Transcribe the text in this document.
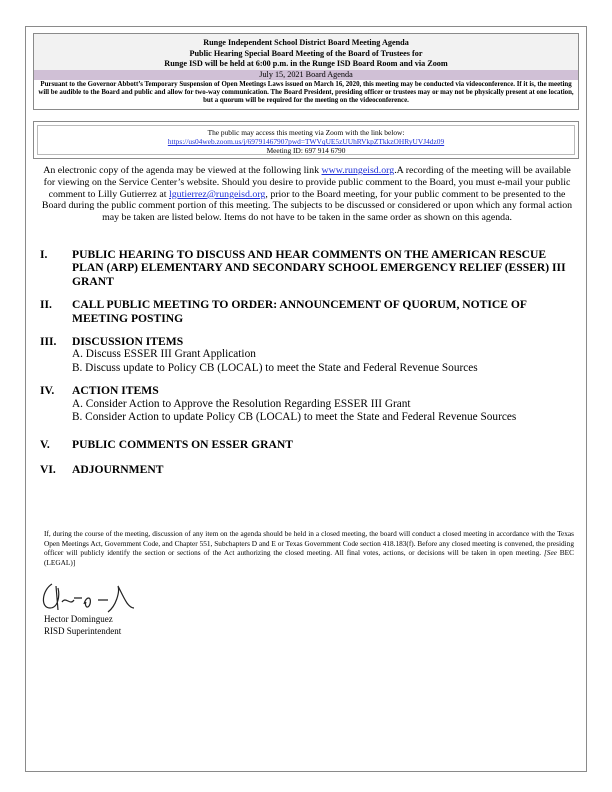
Runge Independent School District Board Meeting Agenda
Public Hearing Special Board Meeting of the Board of Trustees for
Runge ISD will be held at 6:00 p.m. in the Runge ISD Board Room and via Zoom
July 15, 2021 Board Agenda
Pursuant to the Governor Abbott’s Temporary Suspension of Open Meetings Laws issued on March 16, 2020, this meeting may be conducted via videoconference. If it is, the meeting will be audible to the Board and public and allow for two-way communication. The Board President, presiding officer or trustees may or may not be physically present at one location, but a quorum will be required for the meeting on the videoconference.
The public may access this meeting via Zoom with the link below:
https://us04web.zoom.us/j/69791467907pwd=TWVqUE5zUUhRVkpZTkkzOHRyUVJ4dz09
Meeting ID: 697 914 6790
An electronic copy of the agenda may be viewed at the following link www.rungeisd.org.A recording of the meeting will be available for viewing on the Service Center’s website. Should you desire to provide public comment to the Board, you must e-mail your public comment to Lilly Gutierrez at lgutierrez@rungeisd.org, prior to the Board meeting, for your public comment to be presented to the Board during the public comment portion of this meeting. The subjects to be discussed or considered or upon which any formal action may be taken are listed below. Items do not have to be taken in the same order as shown on this agenda.
I. PUBLIC HEARING TO DISCUSS AND HEAR COMMENTS ON THE AMERICAN RESCUE PLAN (ARP) ELEMENTARY AND SECONDARY SCHOOL EMERGENCY RELIEF (ESSER) III GRANT
II. CALL PUBLIC MEETING TO ORDER: ANNOUNCEMENT OF QUORUM, NOTICE OF MEETING POSTING
III. DISCUSSION ITEMS
A. Discuss ESSER III Grant Application
B. Discuss update to Policy CB (LOCAL) to meet the State and Federal Revenue Sources
IV. ACTION ITEMS
A. Consider Action to Approve the Resolution Regarding ESSER III Grant
B. Consider Action to update Policy CB (LOCAL) to meet the State and Federal Revenue Sources
V. PUBLIC COMMENTS ON ESSER GRANT
VI. ADJOURNMENT
If, during the course of the meeting, discussion of any item on the agenda should be held in a closed meeting, the board will conduct a closed meeting in accordance with the Texas Open Meetings Act, Government Code, and Chapter 551, Subchapters D and E or Texas Government Code section 418.183(f). Before any closed meeting is convened, the presiding officer will publicly identify the section or sections of the Act authorizing the closed meeting. All final votes, actions, or decisions will be taken in open meeting. [See BEC (LEGAL)]
Hector Dominguez
RISD Superintendent
